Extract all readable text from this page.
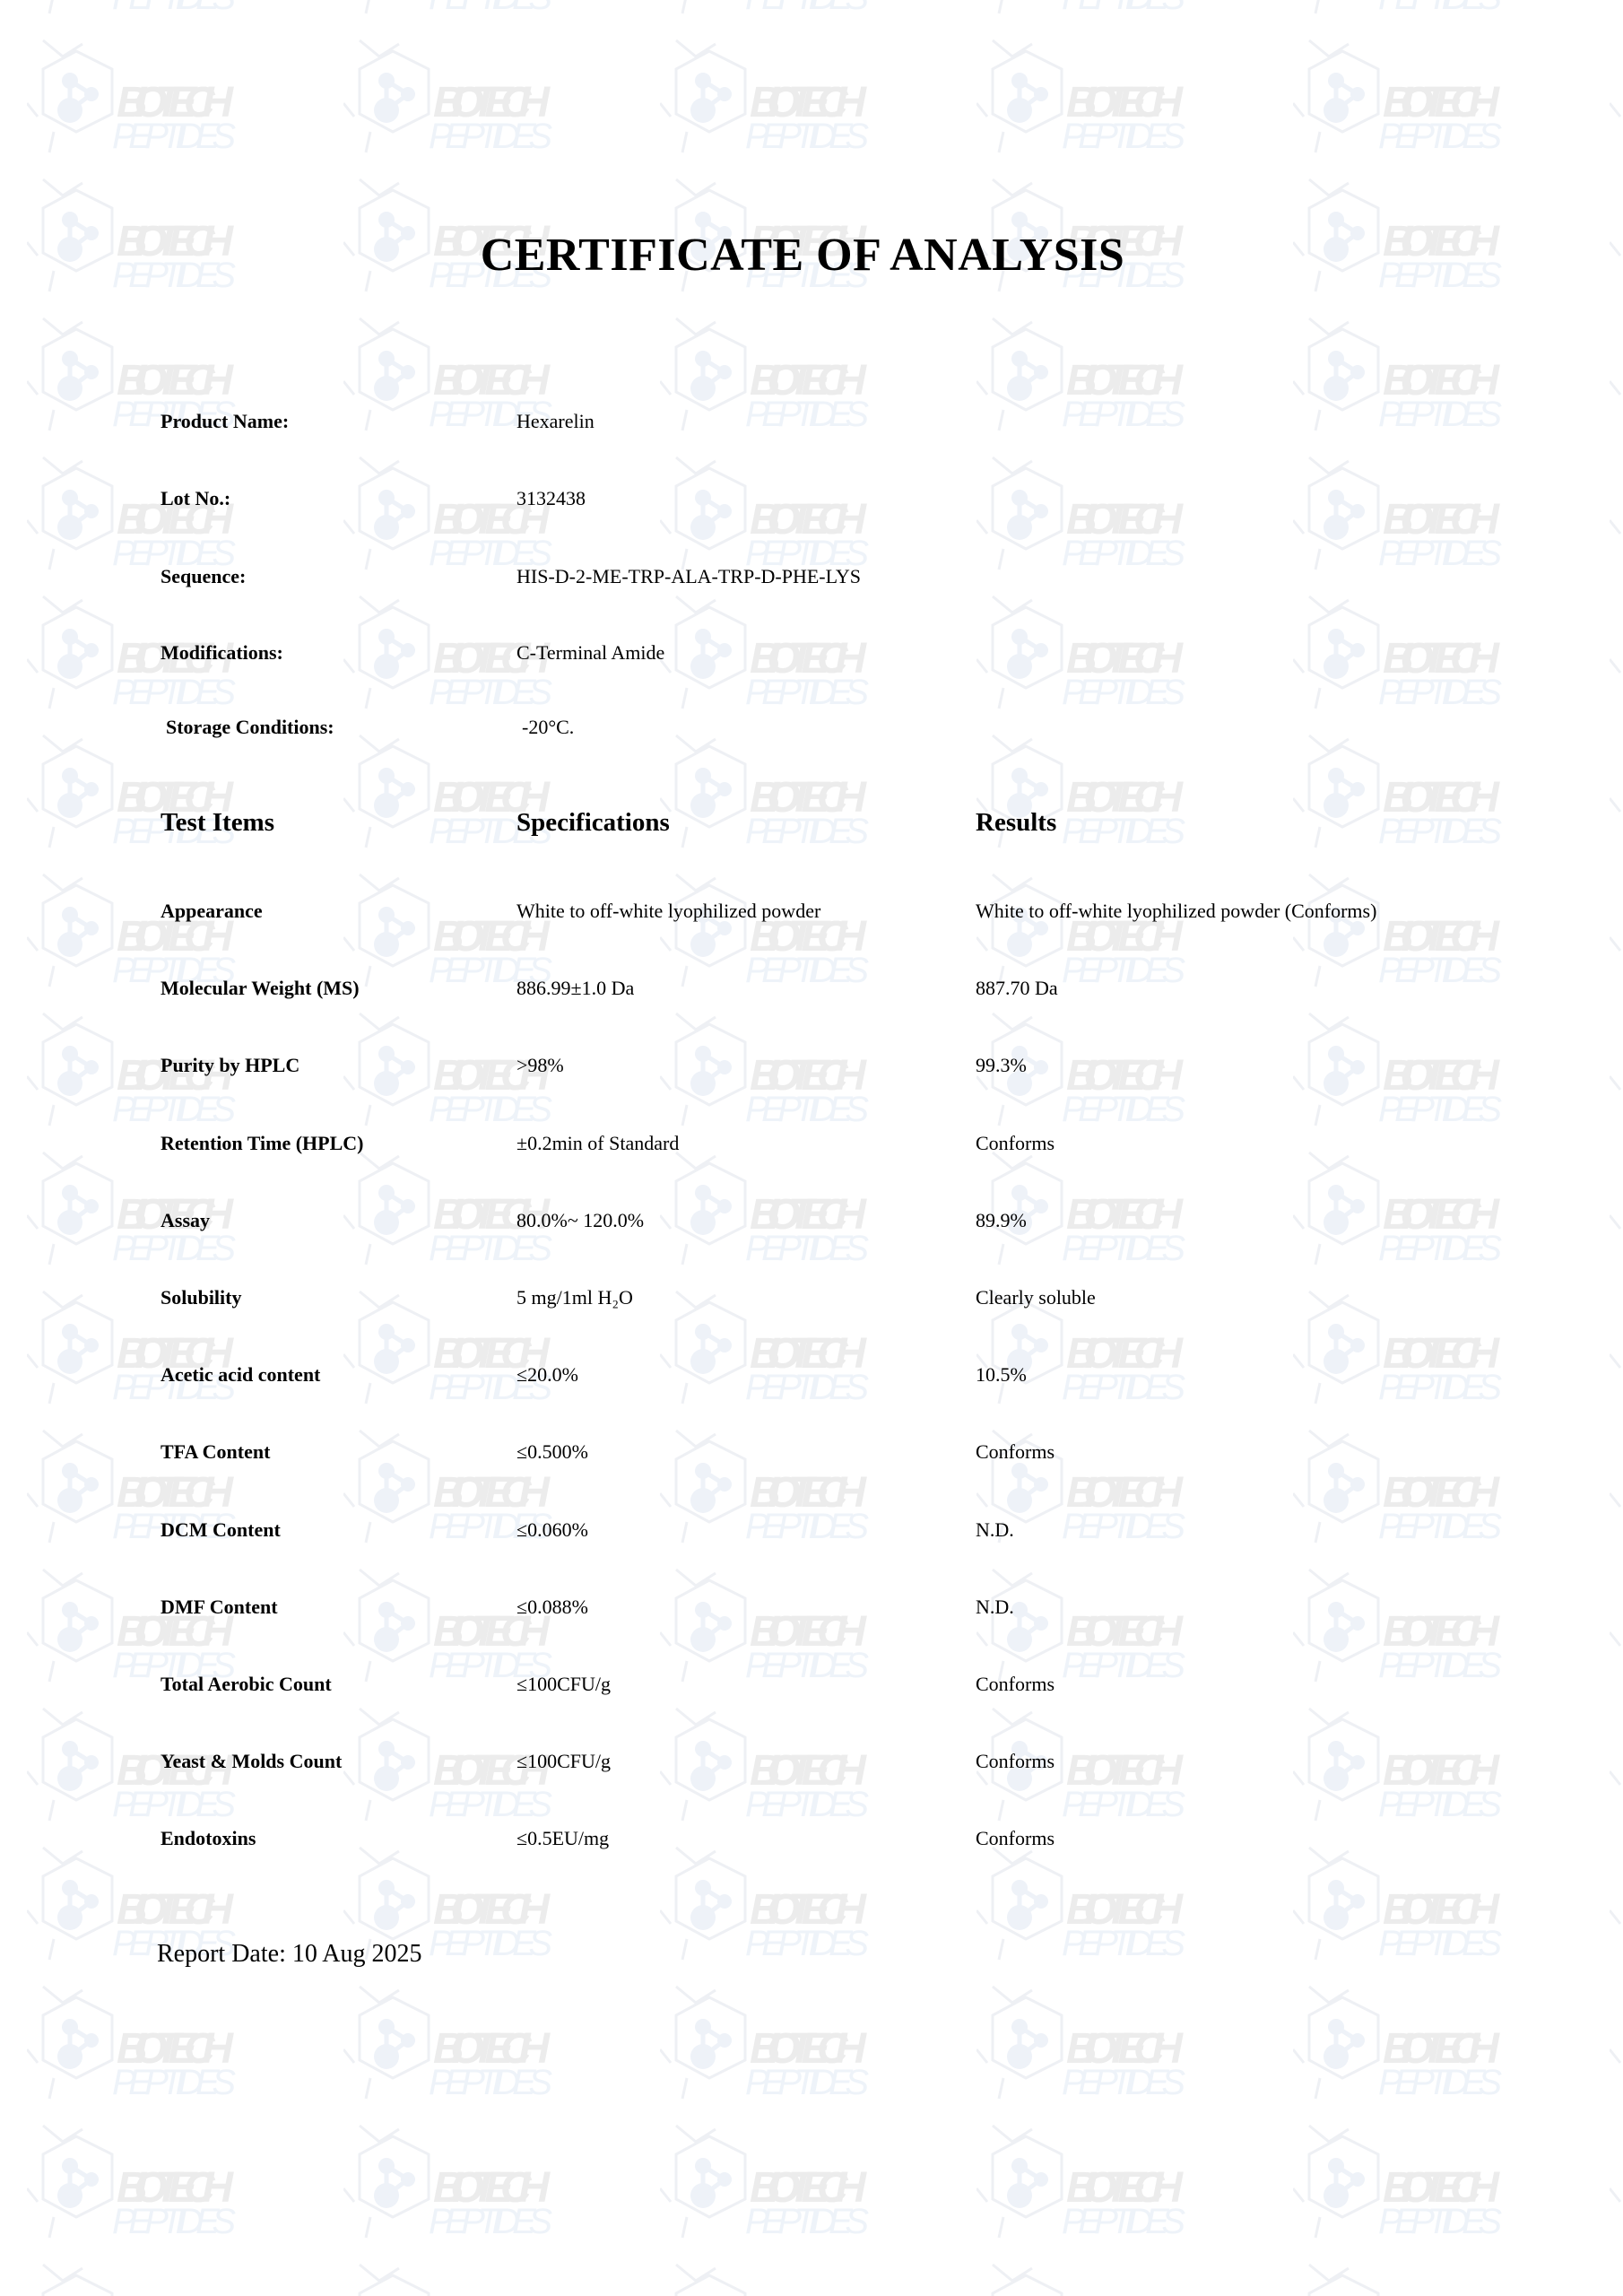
CERTIFICATE OF ANALYSIS
Product Name:	Hexarelin
Lot No.:	3132438
Sequence:	HIS-D-2-ME-TRP-ALA-TRP-D-PHE-LYS
Modifications:	C-Terminal Amide
Storage Conditions:	-20°C.
Test Items	Specifications	Results
Appearance	White to off-white lyophilized powder	White to off-white lyophilized powder (Conforms)
Molecular Weight (MS)	886.99±1.0 Da	887.70 Da
Purity by HPLC	>98%	99.3%
Retention Time (HPLC)	±0.2min of Standard	Conforms
Assay	80.0%~ 120.0%	89.9%
Solubility	5 mg/1ml H₂O	Clearly soluble
Acetic acid content	≤20.0%	10.5%
TFA Content	≤0.500%	Conforms
DCM Content	≤0.060%	N.D.
DMF Content	≤0.088%	N.D.
Total Aerobic Count	≤100CFU/g	Conforms
Yeast & Molds Count	≤100CFU/g	Conforms
Endotoxins	≤0.5EU/mg	Conforms
Report Date: 10 Aug 2025
